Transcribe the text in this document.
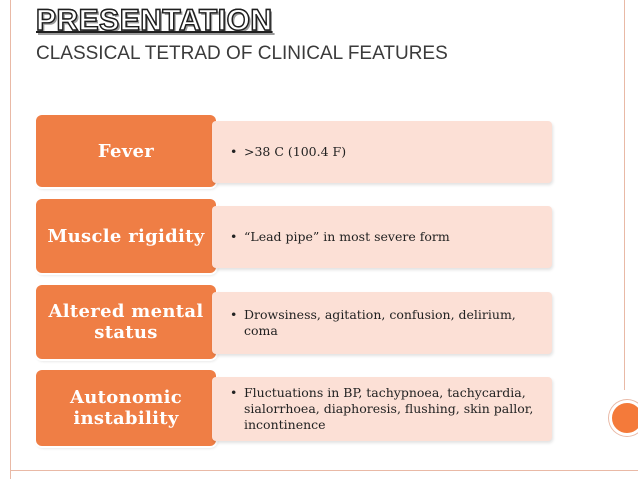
PRESENTATION

CLASSICAL TETRAD OF CLINICAL FEATURES

Fever	• >38 C (100.4 F)

Muscle rigidity • “Lead pipe” in most severe form

Altered mental status

• Drowsiness, agitation, confusion, delirium, coma

Autonomic instability

• Fluctuations in BP, tachypnoea, tachycardia, sialorrhoea, diaphoresis, flushing, skin pallor, incontinence
